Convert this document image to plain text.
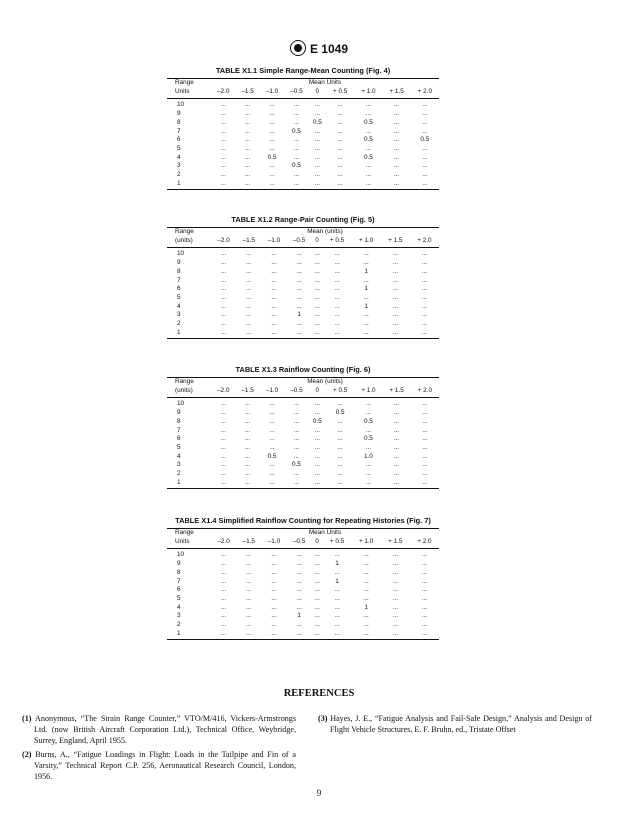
E 1049
TABLE X1.1 Simple Range-Mean Counting (Fig. 4)
Range	Mean Units								
Units	–2.0	–1.5	–1.0	–0.5	0	+ 0.5	+ 1.0	+ 1.5	+ 2.0
10	...	...	...	...	...	...	...	...	...
9	...	...	...	...	...	...	...	...	...
8	...	...	...	...	0.5	...	0.5	...	...
7	...	...	...	0.5	...	...	...	...	...
6	...	...	...	...	...	...	0.5	...	0.5
5	...	...	...	...	...	...	...	...	...
4	...	...	0.5	...	...	...	0.5	...	...
3	...	...	...	0.5	...	...	...	...	...
2	...	...	...	...	...	...	...	...	...
1	...	...	...	...	...	...	...	...	...
TABLE X1.2 Range-Pair Counting (Fig. 5)
Range	Mean (units)								
(units)	–2.0	–1.5	–1.0	–0.5	0	+ 0.5	+ 1.0	+ 1.5	+ 2.0
10	...	...	...	...	...	...	...	...	...
9	...	...	...	...	...	...	...	...	...
8	...	...	...	...	...	...	1	...	...
7	...	...	...	...	...	...	...	...	...
6	...	...	...	...	...	...	1	...	...
5	...	...	...	...	...	...	...	...	...
4	...	...	...	...	...	...	1	...	...
3	...	...	...	1	...	...	...	...	...
2	...	...	...	...	...	...	...	...	...
1	...	...	...	...	...	...	...	...	...
TABLE X1.3 Rainflow Counting (Fig. 6)
Range	Mean (units)								
(units)	–2.0	–1.5	–1.0	–0.5	0	+ 0.5	+ 1.0	+ 1.5	+ 2.0
10	...	...	...	...	...	...	...	...	...
9	...	...	...	...	...	0.5	...	...	...
8	...	...	...	...	0.5	...	0.5	...	...
7	...	...	...	...	...	...	...	...	...
6	...	...	...	...	...	...	0.5	...	...
5	...	...	...	...	...	...	...	...	...
4	...	...	0.5	...	...	...	1.0	...	...
3	...	...	...	0.5	...	...	...	...	...
2	...	...	...	...	...	...	...	...	...
1	...	...	...	...	...	...	...	...	...
TABLE X1.4 Simplified Rainflow Counting for Repeating Histories (Fig. 7)
Range	Mean Units								
Units	–2.0	–1.5	–1.0	–0.5	0	+ 0.5	+ 1.0	+ 1.5	+ 2.0
10	...	...	...	...	...	...	...	...	...
9	...	...	...	...	...	1	...	...	...
8	...	...	...	...	...	...	...	...	...
7	...	...	...	...	...	1	...	...	...
6	...	...	...	...	...	...	...	...	...
5	...	...	...	...	...	...	...	...	...
4	...	...	...	...	...	...	1	...	...
3	...	...	...	1	...	...	...	...	...
2	...	...	...	...	...	...	...	...	...
1	...	...	...	...	...	...	...	...	...
REFERENCES

(1) Anonymous, “The Strain Range Counter,” VTO/M/416, Vickers-Armstrongs Ltd. (now British Aircraft Corporation Ltd.), Technical Office, Weybridge, Surrey, England, April 1955.

(2) Burns, A., “Fatigue Loadings in Flight: Loads in the Tailpipe and Fin of a Varsity,” Technical Report C.P. 256, Aeronautical Research Council, London, 1956.

(3) Hayes, J. E., “Fatigue Analysis and Fail-Safe Design,” Analysis and Design of Flight Vehicle Structures, E. F. Bruhn, ed., Tristate Offset

9
